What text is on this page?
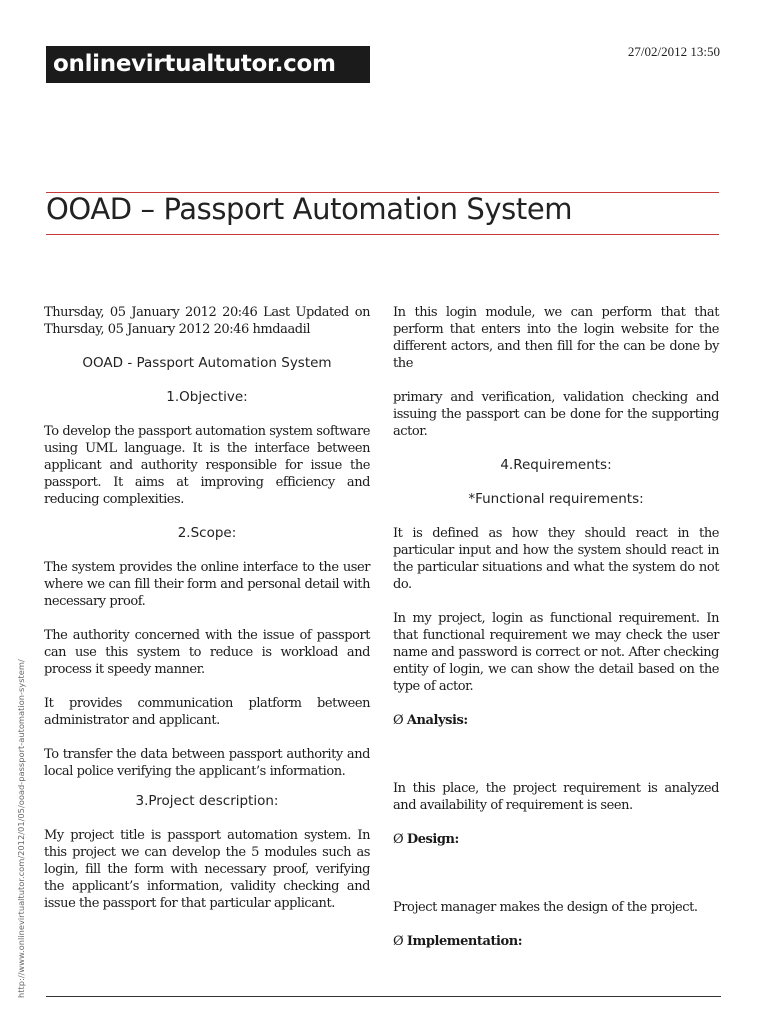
onlinevirtualtutor.com	27/02/2012 13:50
OOAD – Passport Automation System

Thursday, 05 January 2012 20:46 Last Updated on Thursday, 05 January 2012 20:46 hmdaadil

OOAD - Passport Automation System

1.Objective:

To develop the passport automation system software using UML language. It is the interface between applicant and authority responsible for issue the passport. It aims at improving efficiency and reducing complexities.

2.Scope:

The system provides the online interface to the user where we can fill their form and personal detail with necessary proof.

The authority concerned with the issue of passport can use this system to reduce is workload and process it speedy manner.

It provides communication platform between administrator and applicant.

To transfer the data between passport authority and local police verifying the applicant’s information.

3.Project description:

My project title is passport automation system. In this project we can develop the 5 modules such as login, fill the form with necessary proof, verifying the applicant’s information, validity checking and issue the passport for that particular applicant.

In this login module, we can perform that that perform that enters into the login website for the different actors, and then fill for the can be done by the

primary and verification, validation checking and issuing the passport can be done for the supporting actor.

4.Requirements:

*Functional requirements:

It is defined as how they should react in the particular input and how the system should react in the particular situations and what the system do not do.

In my project, login as functional requirement. In that functional requirement we may check the user name and password is correct or not. After checking entity of login, we can show the detail based on the type of actor.

Ø Analysis:

In this place, the project requirement is analyzed and availability of requirement is seen.

Ø Design:

Project manager makes the design of the project.

Ø Implementation:

http://www.onlinevirtualtutor.com/2012/01/05/ooad-passport-automation-system/
